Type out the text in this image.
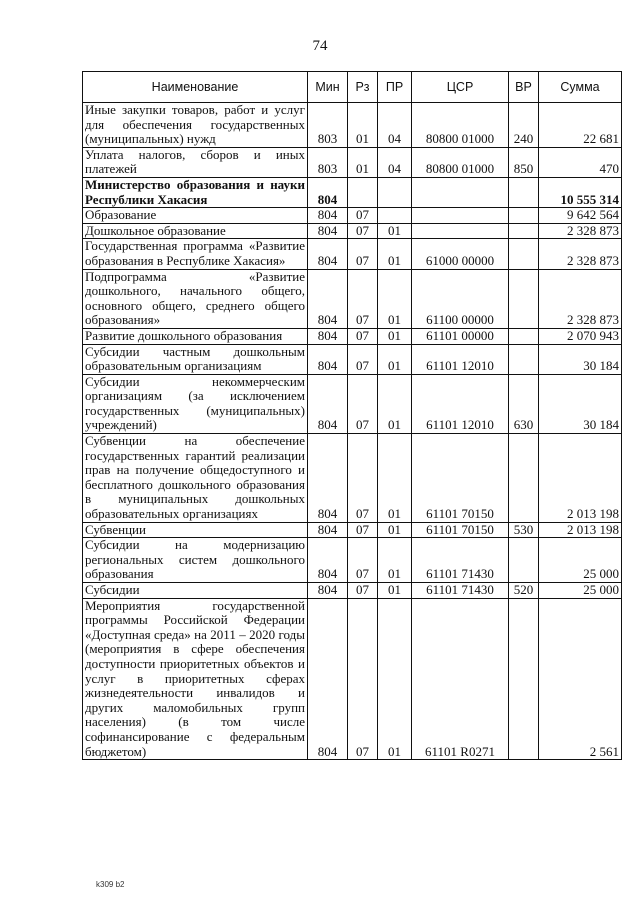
74
Наименование	Мин	Рз	ПР	ЦСР	ВР	Сумма
Иные закупки товаров, работ и услуг для обеспечения государственных (муниципальных) нужд	803	01	04	80800 01000	240	22 681
Уплата налогов, сборов и иных платежей	803	01	04	80800 01000	850	470
Министерство образования и науки Республики Хакасия	804					10 555 314
Образование	804	07				9 642 564
Дошкольное образование	804	07	01			2 328 873
Государственная программа «Развитие образования в Республике Хакасия»	804	07	01	61000 00000		2 328 873
Подпрограмма «Развитие дошкольного, начального общего, основного общего, среднего общего образования»	804	07	01	61100 00000		2 328 873
Развитие дошкольного образования	804	07	01	61101 00000		2 070 943
Субсидии частным дошкольным образовательным организациям	804	07	01	61101 12010		30 184
Субсидии некоммерческим организациям (за исключением государственных (муниципальных) учреждений)	804	07	01	61101 12010	630	30 184
Субвенции на обеспечение государственных гарантий реализации прав на получение общедоступного и бесплатного дошкольного образования в муниципальных дошкольных образовательных организациях	804	07	01	61101 70150		2 013 198
Субвенции	804	07	01	61101 70150	530	2 013 198
Субсидии на модернизацию региональных систем дошкольного образования	804	07	01	61101 71430		25 000
Субсидии	804	07	01	61101 71430	520	25 000
Мероприятия государственной программы Российской Федерации «Доступная среда» на 2011 – 2020 годы (мероприятия в сфере обеспечения доступности приоритетных объектов и услуг в приоритетных сферах жизнедеятельности инвалидов и других маломобильных групп населения) (в том числе софинансирование с федеральным бюджетом)	804	07	01	61101 R0271		2 561
k309 b2
